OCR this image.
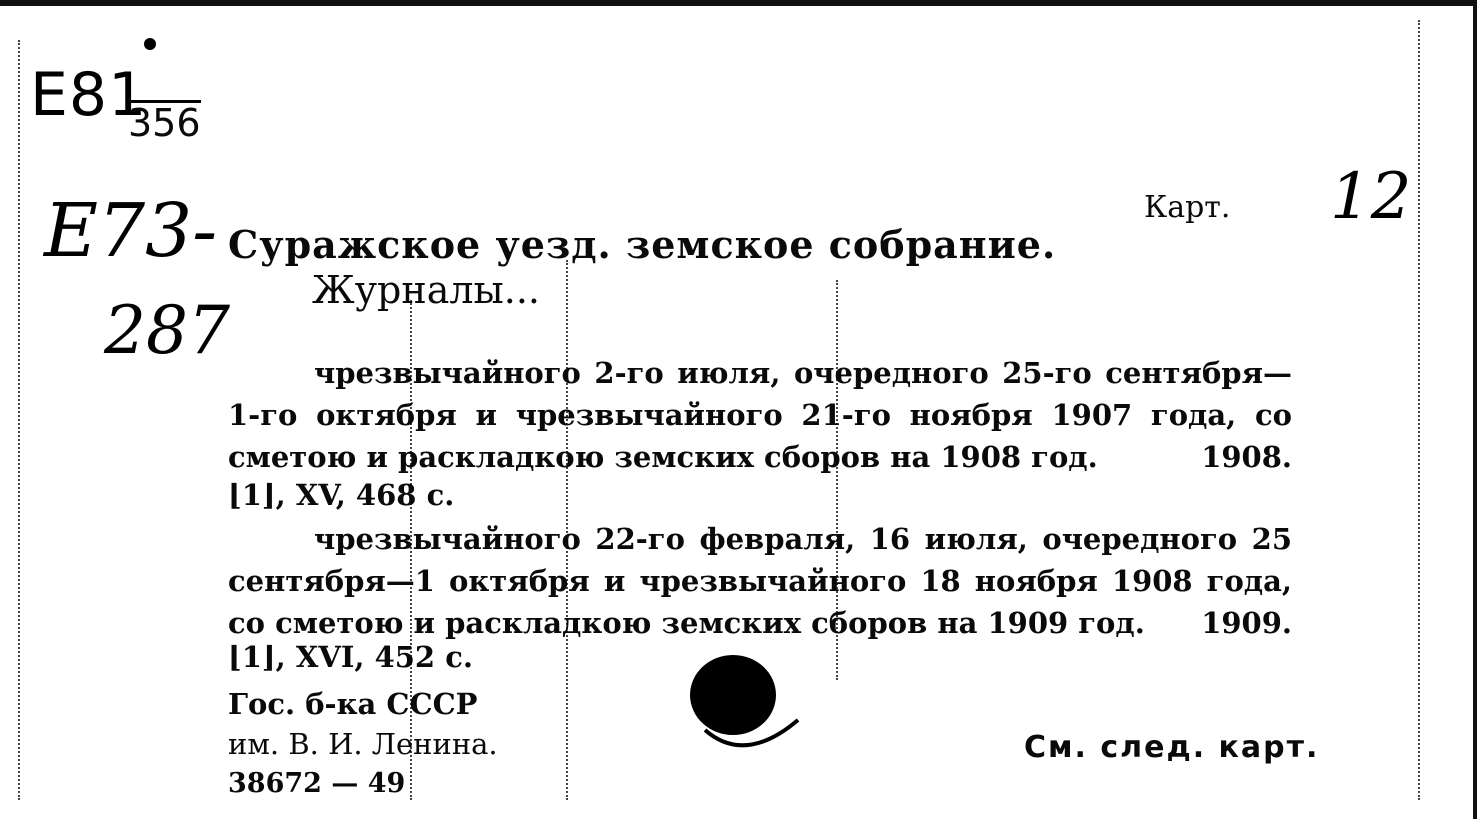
E81
356
E73-
287
Карт. 12
Суражское уезд. земское собрание.
Журналы...
чрезвычайного 2-го июля, очередного 25-го сентября—1-го октября и чрезвычайного 21-го ноября 1907 года, со сметою и раскладкою земских сборов на 1908 год.	1908.
⌊1⌋, XV, 468 с.
чрезвычайного 22-го февраля, 16 июля, очередного 25 сентября—1 октября и чрезвычайного 18 ноября 1908 года, со сметою и раскладкою земских сборов на 1909 год. 1909.
⌊1⌋, XVI, 452 с.
Гос. б-ка СССР
им. В. И. Ленина.
38672 — 49
См. след. карт.
